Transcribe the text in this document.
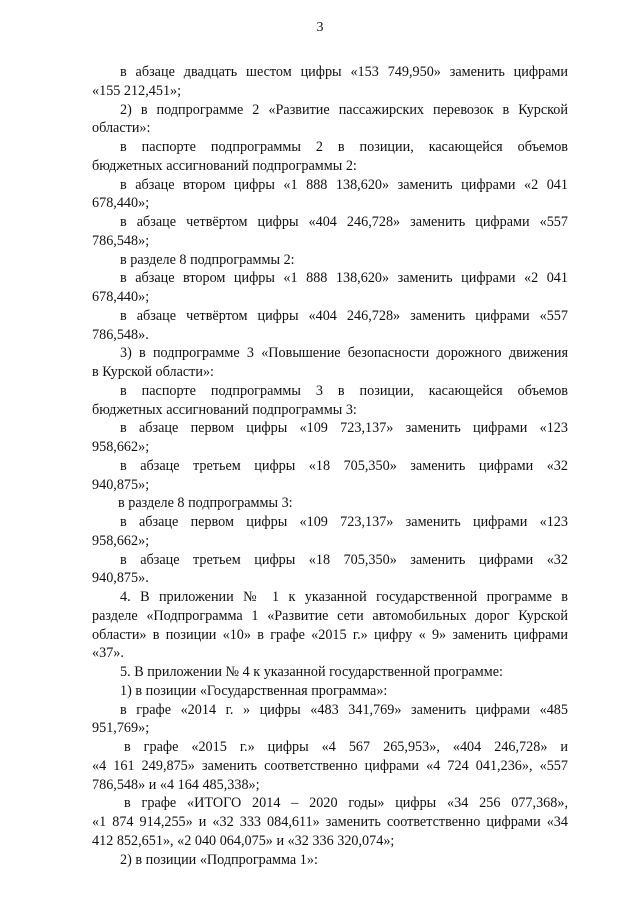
3
в абзаце двадцать шестом цифры «153 749,950» заменить цифрами
«155 212,451»;
2) в подпрограмме 2 «Развитие пассажирских перевозок в Курской
области»:
в паспорте подпрограммы 2 в позиции, касающейся объемов
бюджетных ассигнований подпрограммы 2:
в абзаце втором цифры «1 888 138,620» заменить цифрами «2 041
678,440»;
в абзаце четвёртом цифры «404 246,728» заменить цифрами «557
786,548»;
в разделе 8 подпрограммы 2:
в абзаце втором цифры «1 888 138,620» заменить цифрами «2 041
678,440»;
в абзаце четвёртом цифры «404 246,728» заменить цифрами «557
786,548».
3) в подпрограмме 3 «Повышение безопасности дорожного движения
в Курской области»:
в паспорте подпрограммы 3 в позиции, касающейся объемов
бюджетных ассигнований подпрограммы 3:
в абзаце первом цифры «109 723,137» заменить цифрами «123
958,662»;
в абзаце третьем цифры «18 705,350» заменить цифрами «32
940,875»;
в разделе 8 подпрограммы 3:
в абзаце первом цифры «109 723,137» заменить цифрами «123
958,662»;
в абзаце третьем цифры «18 705,350» заменить цифрами «32
940,875».
4. В приложении № 1 к указанной государственной программе в
разделе «Подпрограмма 1 «Развитие сети автомобильных дорог Курской
области» в позиции «10» в графе «2015 г.» цифру « 9» заменить цифрами
«37».
5. В приложении № 4 к указанной государственной программе:
1) в позиции «Государственная программа»:
в графе «2014 г. » цифры «483 341,769» заменить цифрами «485
951,769»;
в графе «2015 г.» цифры «4 567 265,953», «404 246,728» и
«4 161 249,875» заменить соответственно цифрами «4 724 041,236», «557
786,548» и «4 164 485,338»;
в графе «ИТОГО 2014 – 2020 годы» цифры «34 256 077,368»,
«1 874 914,255» и «32 333 084,611» заменить соответственно цифрами «34
412 852,651», «2 040 064,075» и «32 336 320,074»;
2) в позиции «Подпрограмма 1»:
